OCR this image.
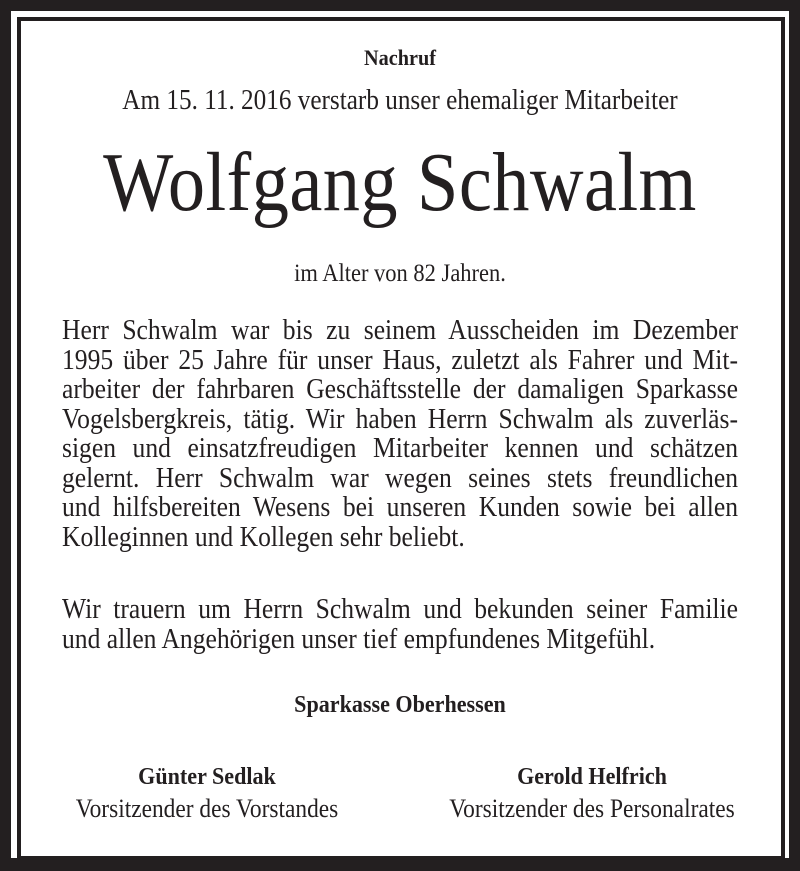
Nachruf
Am 15. 11. 2016 verstarb unser ehemaliger Mitarbeiter
Wolfgang Schwalm
im Alter von 82 Jahren.
Herr Schwalm war bis zu seinem Ausscheiden im Dezember
1995 über 25 Jahre für unser Haus, zuletzt als Fahrer und Mit-
arbeiter der fahrbaren Geschäftsstelle der damaligen Sparkasse
Vogelsbergkreis, tätig. Wir haben Herrn Schwalm als zuverläs-
sigen und einsatzfreudigen Mitarbeiter kennen und schätzen
gelernt. Herr Schwalm war wegen seines stets freundlichen
und hilfsbereiten Wesens bei unseren Kunden sowie bei allen
Kolleginnen und Kollegen sehr beliebt.
Wir trauern um Herrn Schwalm und bekunden seiner Familie
und allen Angehörigen unser tief empfundenes Mitgefühl.
Sparkasse Oberhessen
Günter Sedlak
Vorsitzender des Vorstandes
Gerold Helfrich
Vorsitzender des Personalrates
